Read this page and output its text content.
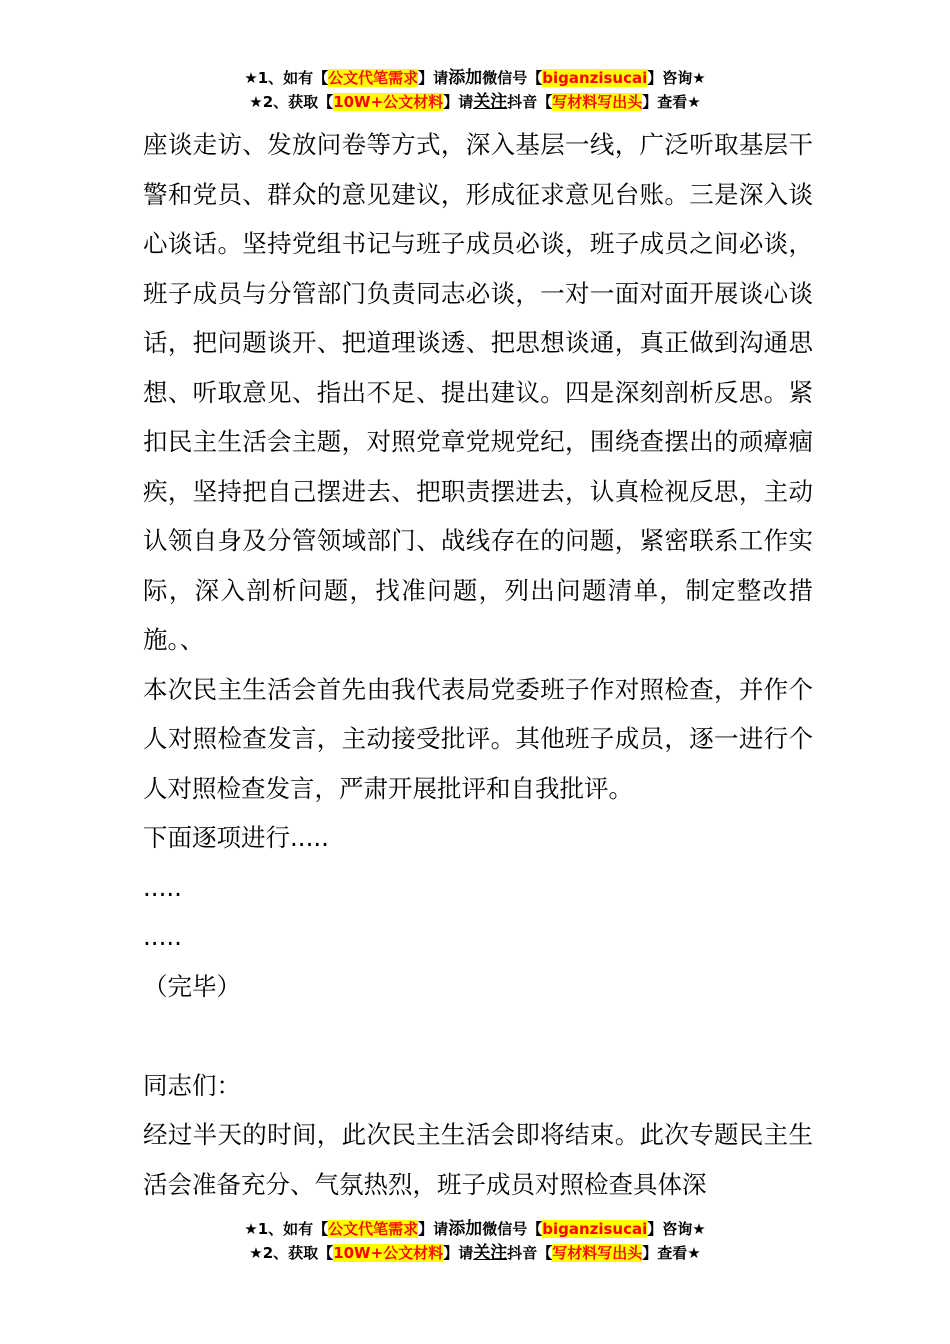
★1、如有【公文代笔需求】请添加微信号【biganzisucai】咨询★
★2、获取【10W+公文材料】请关注抖音【写材料写出头】查看★

座谈走访、发放问卷等方式，深入基层一线，广泛听取基层干警和党员、群众的意见建议，形成征求意见台账。三是深入谈心谈话。坚持党组书记与班子成员必谈，班子成员之间必谈，班子成员与分管部门负责同志必谈，一对一面对面开展谈心谈话，把问题谈开、把道理谈透、把思想谈通，真正做到沟通思想、听取意见、指出不足、提出建议。四是深刻剖析反思。紧扣民主生活会主题，对照党章党规党纪，围绕查摆出的顽瘴痼疾，坚持把自己摆进去、把职责摆进去，认真检视反思，主动认领自身及分管领域部门、战线存在的问题，紧密联系工作实际，深入剖析问题，找准问题，列出问题清单，制定整改措施。、

本次民主生活会首先由我代表局党委班子作对照检查，并作个人对照检查发言，主动接受批评。其他班子成员，逐一进行个人对照检查发言，严肃开展批评和自我批评。

下面逐项进行.....

.....

.....

（完毕）

同志们：

经过半天的时间，此次民主生活会即将结束。此次专题民主生活会准备充分、气氛热烈，班子成员对照检查具体深

★1、如有【公文代笔需求】请添加微信号【biganzisucai】咨询★
★2、获取【10W+公文材料】请关注抖音【写材料写出头】查看★
